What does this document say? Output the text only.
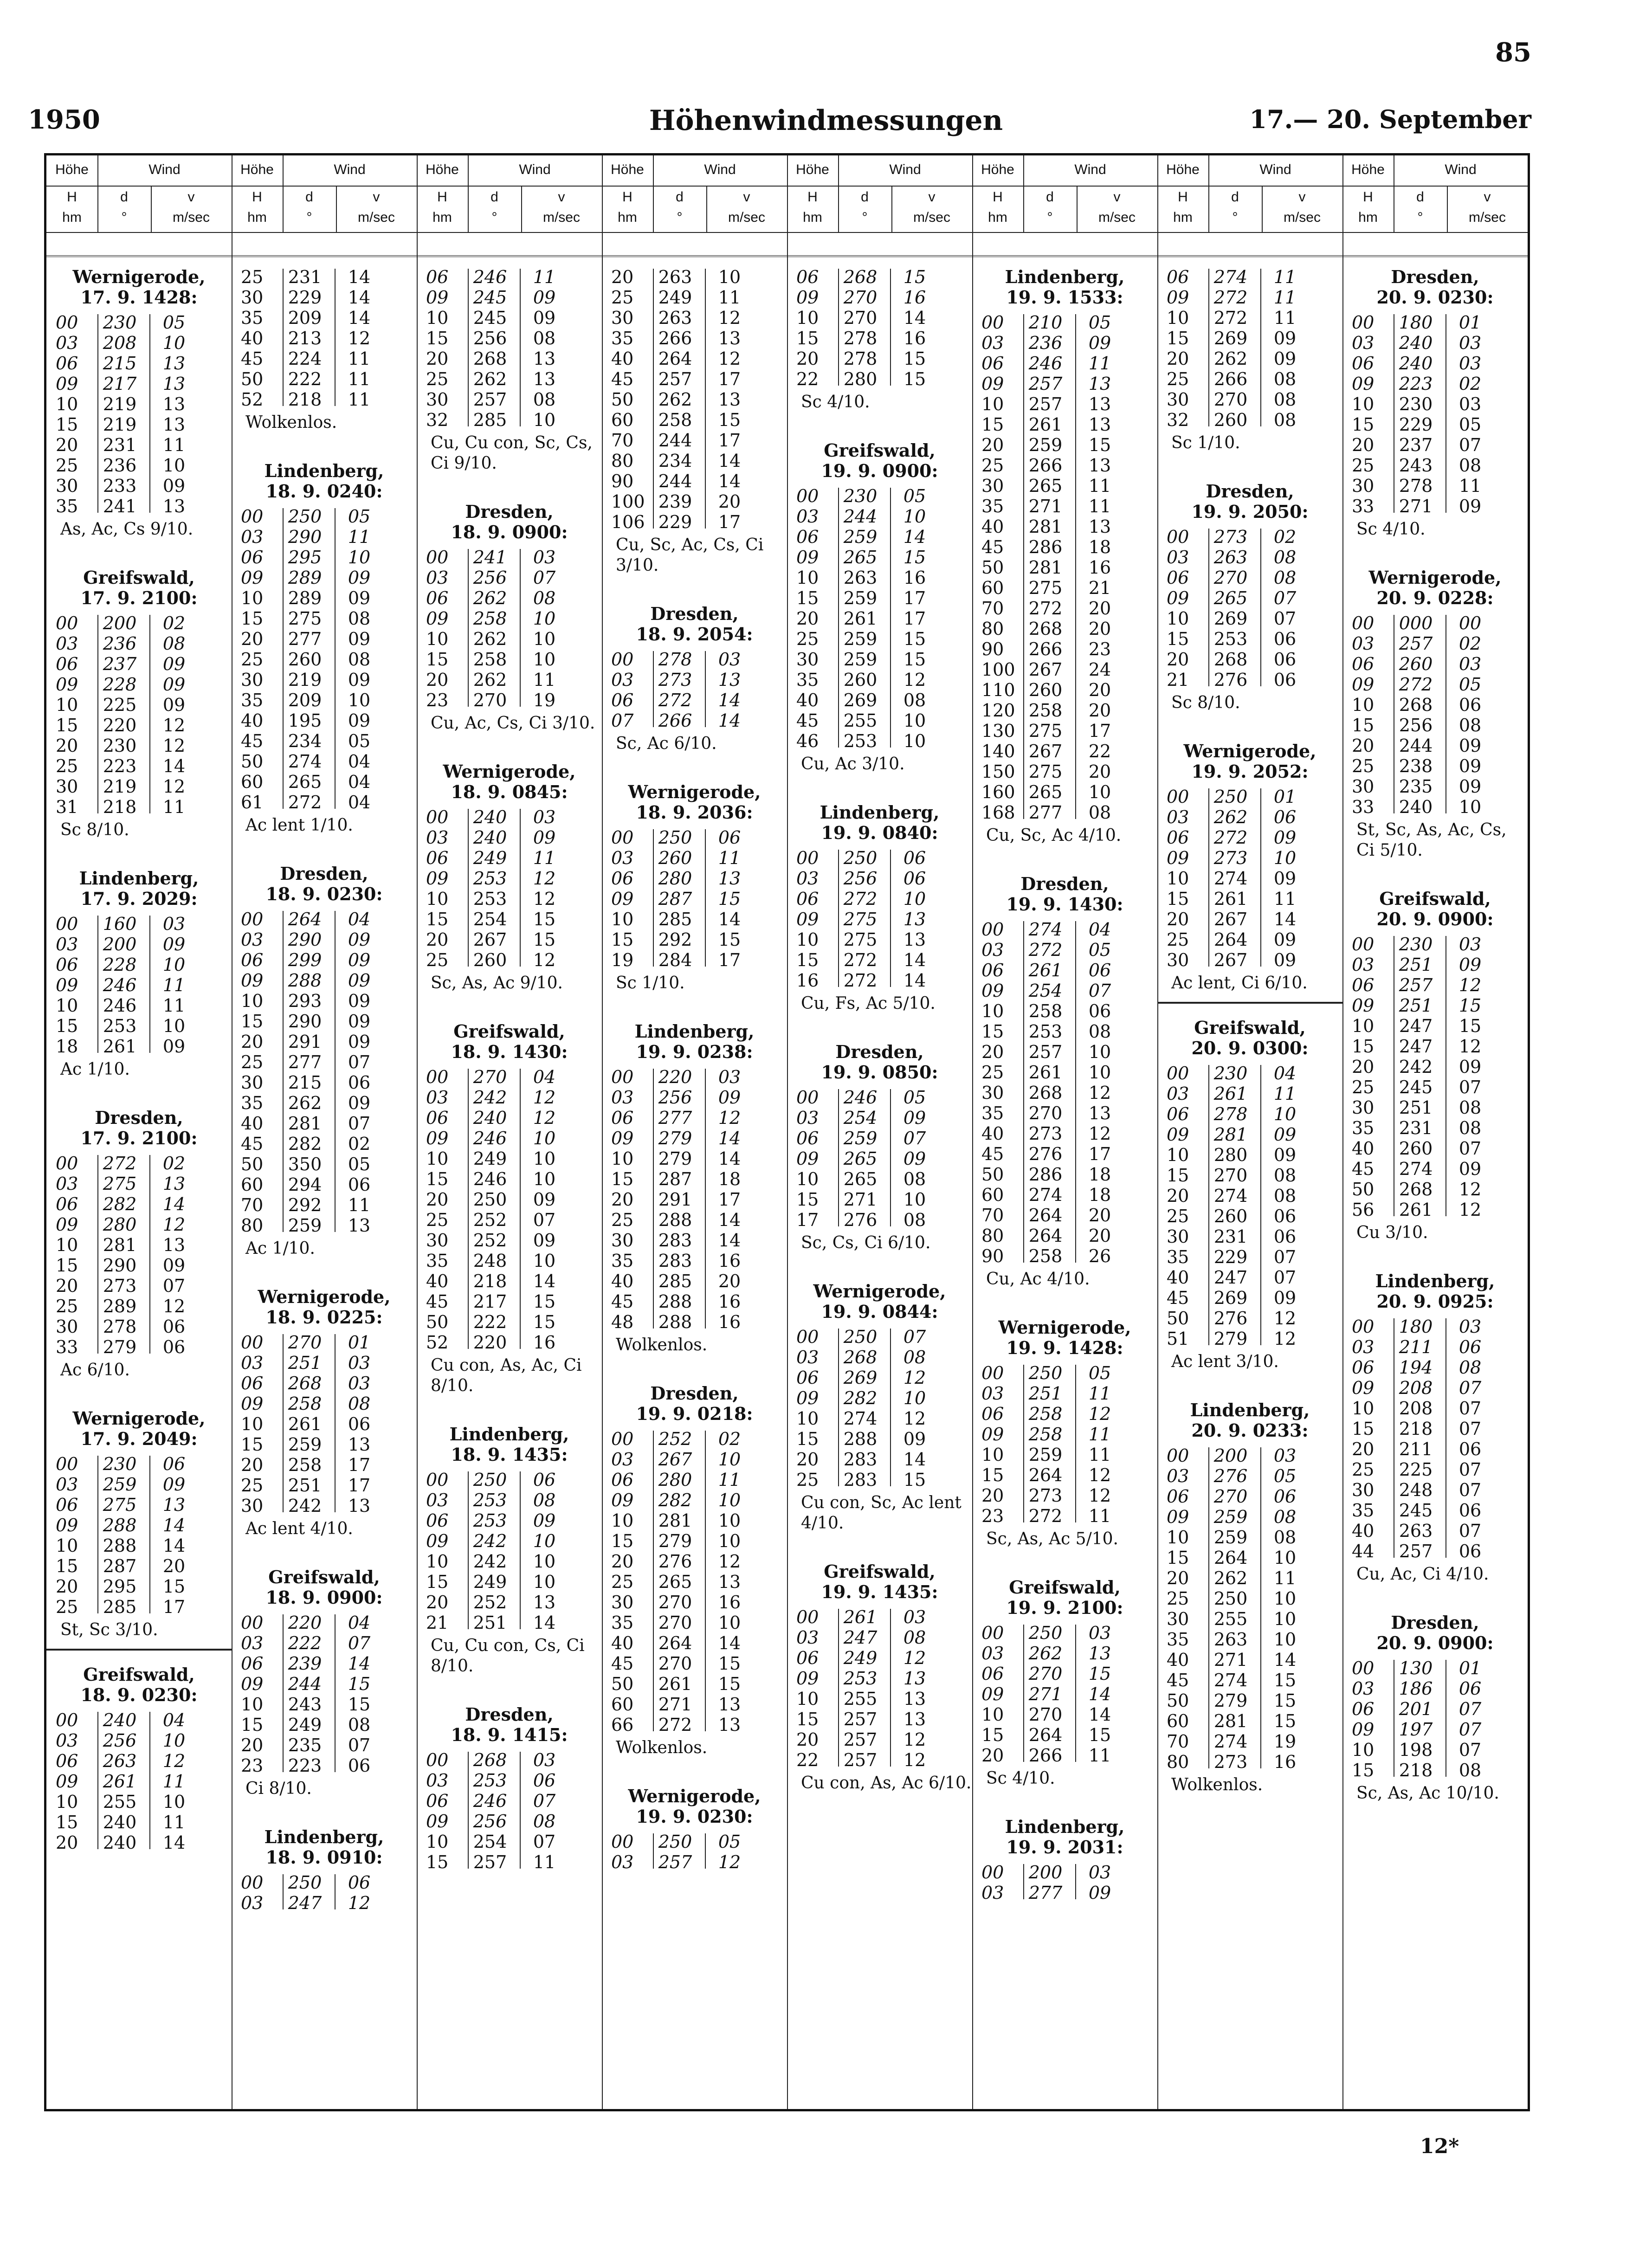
85
1950	Höhenwindmessungen	17.— 20. September
Höhe	Wind
H
hm
d
°
v
m/sec
Wernigerode,
17. 9. 1428:
00	230	05
03	208	10
06	215	13
09	217	13
10	219	13
15	219	13
20	231	11
25	236	10
30	233	09
35	241	13
As, Ac, Cs 9/10.
Greifswald,
17. 9. 2100:
00	200	02
03	236	08
06	237	09
09	228	09
10	225	09
15	220	12
20	230	12
25	223	14
30	219	12
31	218	11
Sc 8/10.
Lindenberg,
17. 9. 2029:
00	160	03
03	200	09
06	228	10
09	246	11
10	246	11
15	253	10
18	261	09
Ac 1/10.
Dresden,
17. 9. 2100:
00	272	02
03	275	13
06	282	14
09	280	12
10	281	13
15	290	09
20	273	07
25	289	12
30	278	06
33	279	06
Ac 6/10.
Wernigerode,
17. 9. 2049:
00	230	06
03	259	09
06	275	13
09	288	14
10	288	14
15	287	20
20	295	15
25	285	17
St, Sc 3/10.
Greifswald,
18. 9. 0230:
00	240	04
03	256	10
06	263	12
09	261	11
10	255	10
15	240	11
20	240	14
Höhe	Wind
H
hm
d
°
v
m/sec
25	231	14
30	229	14
35	209	14
40	213	12
45	224	11
50	222	11
52	218	11
Wolkenlos.
Lindenberg,
18. 9. 0240:
00	250	05
03	290	11
06	295	10
09	289	09
10	289	09
15	275	08
20	277	09
25	260	08
30	219	09
35	209	10
40	195	09
45	234	05
50	274	04
60	265	04
61	272	04
Ac lent 1/10.
Dresden,
18. 9. 0230:
00	264	04
03	290	09
06	299	09
09	288	09
10	293	09
15	290	09
20	291	09
25	277	07
30	215	06
35	262	09
40	281	07
45	282	02
50	350	05
60	294	06
70	292	11
80	259	13
Ac 1/10.
Wernigerode,
18. 9. 0225:
00	270	01
03	251	03
06	268	03
09	258	08
10	261	06
15	259	13
20	258	17
25	251	17
30	242	13
Ac lent 4/10.
Greifswald,
18. 9. 0900:
00	220	04
03	222	07
06	239	14
09	244	15
10	243	15
15	249	08
20	235	07
23	223	06
Ci 8/10.
Lindenberg,
18. 9. 0910:
00	250	06
03	247	12
Höhe	Wind
H
hm
d
°
v
m/sec
06	246	11
09	245	09
10	245	09
15	256	08
20	268	13
25	262	13
30	257	08
32	285	10
Cu, Cu con, Sc, Cs, Ci 9/10.
Dresden,
18. 9. 0900:
00	241	03
03	256	07
06	262	08
09	258	10
10	262	10
15	258	10
20	262	11
23	270	19
Cu, Ac, Cs, Ci 3/10.
Wernigerode,
18. 9. 0845:
00	240	03
03	240	09
06	249	11
09	253	12
10	253	12
15	254	15
20	267	15
25	260	12
Sc, As, Ac 9/10.
Greifswald,
18. 9. 1430:
00	270	04
03	242	12
06	240	12
09	246	10
10	249	10
15	246	10
20	250	09
25	252	07
30	252	09
35	248	10
40	218	14
45	217	15
50	222	15
52	220	16
Cu con, As, Ac, Ci 8/10.
Lindenberg,
18. 9. 1435:
00	250	06
03	253	08
06	253	09
09	242	10
10	242	10
15	249	10
20	252	13
21	251	14
Cu, Cu con, Cs, Ci 8/10.
Dresden,
18. 9. 1415:
00	268	03
03	253	06
06	246	07
09	256	08
10	254	07
15	257	11
Höhe	Wind
H
hm
d
°
v
m/sec
20	263	10
25	249	11
30	263	12
35	266	13
40	264	12
45	257	17
50	262	13
60	258	15
70	244	17
80	234	14
90	244	14
100 239	20
106 229	17
Cu, Sc, Ac, Cs, Ci 3/10.
Dresden,
18. 9. 2054:
00	278	03
03	273	13
06	272	14
07	266	14
Sc, Ac 6/10.
Wernigerode,
18. 9. 2036:
00	250	06
03	260	11
06	280	13
09	287	15
10	285	14
15	292	15
19	284	17
Sc 1/10.
Lindenberg,
19. 9. 0238:
00	220	03
03	256	09
06	277	12
09	279	14
10	279	14
15	287	18
20	291	17
25	288	14
30	283	14
35	283	16
40	285	20
45	288	16
48	288	16
Wolkenlos.
Dresden,
19. 9. 0218:
00	252	02
03	267	10
06	280	11
09	282	10
10	281	10
15	279	10
20	276	12
25	265	13
30	270	16
35	270	10
40	264	14
45	270	15
50	261	15
60	271	13
66	272	13
Wolkenlos.
Wernigerode,
19. 9. 0230:
00	250	05
03	257	12
Höhe	Wind
H
hm
d
°
v
m/sec
06	268	15
09	270	16
10	270	14
15	278	16
20	278	15
22	280	15
Sc 4/10.
Greifswald,
19. 9. 0900:
00	230	05
03	244	10
06	259	14
09	265	15
10	263	16
15	259	17
20	261	17
25	259	15
30	259	15
35	260	12
40	269	08
45	255	10
46	253	10
Cu, Ac 3/10.
Lindenberg,
19. 9. 0840:
00	250	06
03	256	06
06	272	10
09	275	13
10	275	13
15	272	14
16	272	14
Cu, Fs, Ac 5/10.
Dresden,
19. 9. 0850:
00	246	05
03	254	09
06	259	07
09	265	09
10	265	08
15	271	10
17	276	08
Sc, Cs, Ci 6/10.
Wernigerode,
19. 9. 0844:
00	250	07
03	268	08
06	269	12
09	282	10
10	274	12
15	288	09
20	283	14
25	283	15
Cu con, Sc, Ac lent 4/10.
Greifswald,
19. 9. 1435:
00	261	03
03	247	08
06	249	12
09	253	13
10	255	13
15	257	13
20	257	12
22	257	12
Cu con, As, Ac 6/10.
Höhe	Wind
H
hm
d
°
v
m/sec
Lindenberg,
19. 9. 1533:
00	210	05
03	236	09
06	246	11
09	257	13
10	257	13
15	261	13
20	259	15
25	266	13
30	265	11
35	271	11
40	281	13
45	286	18
50	281	16
60	275	21
70	272	20
80	268	20
90	266	23
100 267	24
110 260	20
120 258	20
130 275	17
140 267	22
150 275	20
160 265	10
168 277	08
Cu, Sc, Ac 4/10.
Dresden,
19. 9. 1430:
00	274	04
03	272	05
06	261	06
09	254	07
10	258	06
15	253	08
20	257	10
25	261	10
30	268	12
35	270	13
40	273	12
45	276	17
50	286	18
60	274	18
70	264	20
80	264	20
90	258	26
Cu, Ac 4/10.
Wernigerode,
19. 9. 1428:
00	250	05
03	251	11
06	258	12
09	258	11
10	259	11
15	264	12
20	273	12
23	272	11
Sc, As, Ac 5/10.
Greifswald,
19. 9. 2100:
00	250	03
03	262	13
06	270	15
09	271	14
10	270	14
15	264	15
20	266	11
Sc 4/10.
Lindenberg,
19. 9. 2031:
00	200	03
03	277	09
Höhe	Wind
H
hm
d
°
v
m/sec
06	274	11
09	272	11
10	272	11
15	269	09
20	262	09
25	266	08
30	270	08
32	260	08
Sc 1/10.
Dresden,
19. 9. 2050:
00	273	02
03	263	08
06	270	08
09	265	07
10	269	07
15	253	06
20	268	06
21	276	06
Sc 8/10.
Wernigerode,
19. 9. 2052:
00	250	01
03	262	06
06	272	09
09	273	10
10	274	09
15	261	11
20	267	14
25	264	09
30	267	09
Ac lent, Ci 6/10.
Greifswald,
20. 9. 0300:
00	230	04
03	261	11
06	278	10
09	281	09
10	280	09
15	270	08
20	274	08
25	260	06
30	231	06
35	229	07
40	247	07
45	269	09
50	276	12
51	279	12
Ac lent 3/10.
Lindenberg,
20. 9. 0233:
00	200	03
03	276	05
06	270	06
09	259	08
10	259	08
15	264	10
20	262	11
25	250	10
30	255	10
35	263	10
40	271	14
45	274	15
50	279	15
60	281	15
70	274	19
80	273	16
Wolkenlos.
Höhe	Wind
H
hm
d
°
v
m/sec
Dresden,
20. 9. 0230:
00	180	01
03	240	03
06	240	03
09	223	02
10	230	03
15	229	05
20	237	07
25	243	08
30	278	11
33	271	09
Sc 4/10.
Wernigerode,
20. 9. 0228:
00	000	00
03	257	02
06	260	03
09	272	05
10	268	06
15	256	08
20	244	09
25	238	09
30	235	09
33	240	10
St, Sc, As, Ac, Cs, Ci 5/10.
Greifswald,
20. 9. 0900:
00	230	03
03	251	09
06	257	12
09	251	15
10	247	15
15	247	12
20	242	09
25	245	07
30	251	08
35	231	08
40	260	07
45	274	09
50	268	12
56	261	12
Cu 3/10.
Lindenberg,
20. 9. 0925:
00	180	03
03	211	06
06	194	08
09	208	07
10	208	07
15	218	07
20	211	06
25	225	07
30	248	07
35	245	06
40	263	07
44	257	06
Cu, Ac, Ci 4/10.
Dresden,
20. 9. 0900:
00	130	01
03	186	06
06	201	07
09	197	07
10	198	07
15	218	08
Sc, As, Ac 10/10.
12*
